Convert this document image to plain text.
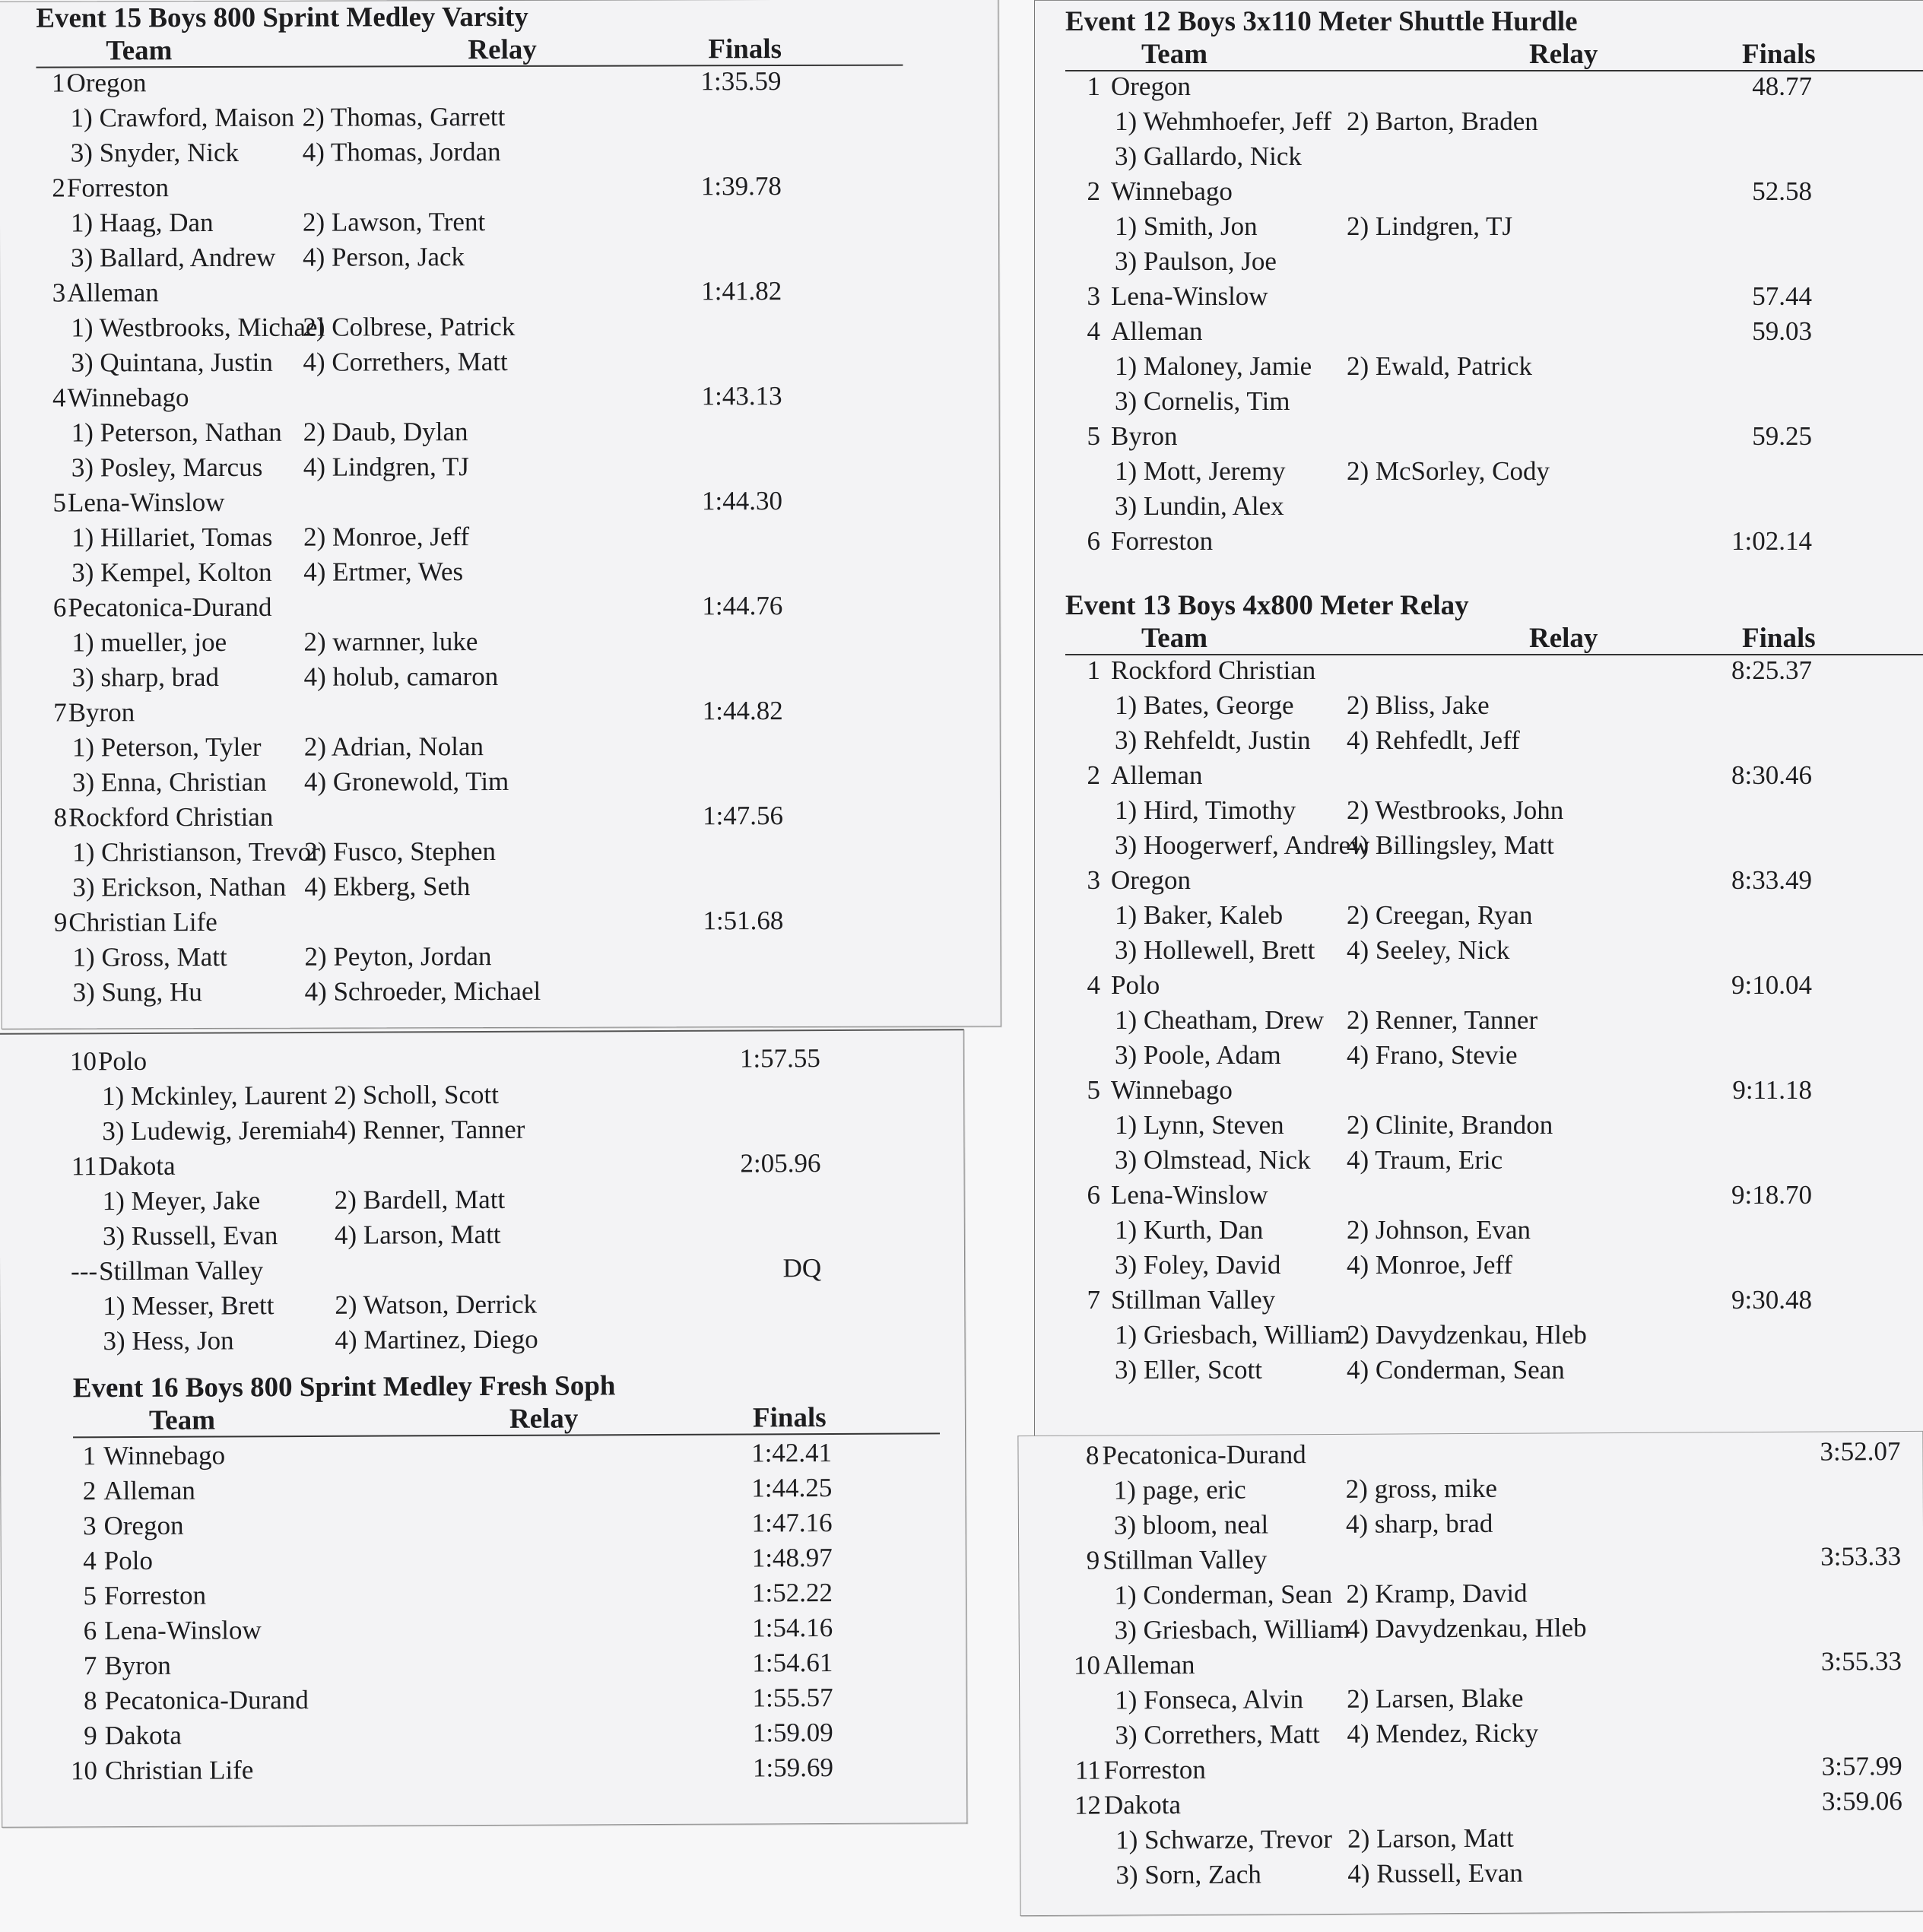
Event 15 Boys 800 Sprint Medley Varsity
Team	Relay	Finals
1 Oregon	1:35.59
1) Crawford, Maison 2) Thomas, Garrett
3) Snyder, Nick 4) Thomas, Jordan
2 Forreston	1:39.78
1) Haag, Dan	2) Lawson, Trent
3) Ballard, Andrew 4) Person, Jack
3 Alleman	1:41.82
1) Westbrooks, Michael
2) Colbrese, Patrick
3) Quintana, Justin 4) Correthers, Matt
4 Winnebago	1:43.13
1) Peterson, Nathan 2) Daub, Dylan
3) Posley, Marcus 4) Lindgren, TJ
5 Lena-Winslow	1:44.30
1) Hillariet, Tomas 2) Monroe, Jeff
3) Kempel, Kolton 4) Ertmer, Wes
6 Pecatonica-Durand	1:44.76
1) mueller, joe	2) warnner, luke
3) sharp, brad	4) holub, camaron
7 Byron	1:44.82
1) Peterson, Tyler 2) Adrian, Nolan
3) Enna, Christian 4) Gronewold, Tim
8 Rockford Christian	1:47.56
1) Christianson, Trevor
2) Fusco, Stephen
3) Erickson, Nathan 4) Ekberg, Seth
9 Christian Life	1:51.68
1) Gross, Matt	2) Peyton, Jordan
3) Sung, Hu	4) Schroeder, Michael
10 Polo	1:57.55
1) Mckinley, Laurent 2) Scholl, Scott
3) Ludewig, Jeremiah
4) Renner, Tanner
11 Dakota	2:05.96
1) Meyer, Jake	2) Bardell, Matt
3) Russell, Evan 4) Larson, Matt
--- Stillman Valley	DQ
1) Messer, Brett 2) Watson, Derrick
3) Hess, Jon	4) Martinez, Diego
Event 16 Boys 800 Sprint Medley Fresh Soph
Team	Relay	Finals
1 Winnebago	1:42.41
2 Alleman	1:44.25
3 Oregon	1:47.16
4 Polo	1:48.97
5 Forreston	1:52.22
6 Lena-Winslow	1:54.16
7 Byron	1:54.61
8 Pecatonica-Durand	1:55.57
9 Dakota	1:59.09
10 Christian Life	1:59.69
Event 12 Boys 3x110 Meter Shuttle Hurdle
Team	Relay	Finals
1 Oregon	48.77
1) Wehmhoefer, Jeff 2) Barton, Braden
3) Gallardo, Nick
2 Winnebago	52.58
1) Smith, Jon	2) Lindgren, TJ
3) Paulson, Joe
3 Lena-Winslow	57.44
4 Alleman	59.03
1) Maloney, Jamie 2) Ewald, Patrick
3) Cornelis, Tim
5 Byron	59.25
1) Mott, Jeremy 2) McSorley, Cody
3) Lundin, Alex
6 Forreston	1:02.14
Event 13 Boys 4x800 Meter Relay
Team	Relay	Finals
1 Rockford Christian	8:25.37
1) Bates, George 2) Bliss, Jake
3) Rehfeldt, Justin 4) Rehfedlt, Jeff
2 Alleman	8:30.46
1) Hird, Timothy 2) Westbrooks, John
3) Hoogerwerf, Andrew
4) Billingsley, Matt
3 Oregon	8:33.49
1) Baker, Kaleb 2) Creegan, Ryan
3) Hollewell, Brett 4) Seeley, Nick
4 Polo	9:10.04
1) Cheatham, Drew 2) Renner, Tanner
3) Poole, Adam 4) Frano, Stevie
5 Winnebago	9:11.18
1) Lynn, Steven 2) Clinite, Brandon
3) Olmstead, Nick 4) Traum, Eric
6 Lena-Winslow	9:18.70
1) Kurth, Dan	2) Johnson, Evan
3) Foley, David 4) Monroe, Jeff
7 Stillman Valley	9:30.48
1) Griesbach, William
2) Davydzenkau, Hleb
3) Eller, Scott	4) Conderman, Sean
8 Pecatonica-Durand	3:52.07
1) page, eric	2) gross, mike
3) bloom, neal	4) sharp, brad
9 Stillman Valley	3:53.33
1) Conderman, Sean 2) Kramp, David
3) Griesbach, William
4) Davydzenkau, Hleb
10 Alleman	3:55.33
1) Fonseca, Alvin 2) Larsen, Blake
3) Correthers, Matt 4) Mendez, Ricky
11 Forreston	3:57.99
12 Dakota	3:59.06
1) Schwarze, Trevor 2) Larson, Matt
3) Sorn, Zach	4) Russell, Evan
